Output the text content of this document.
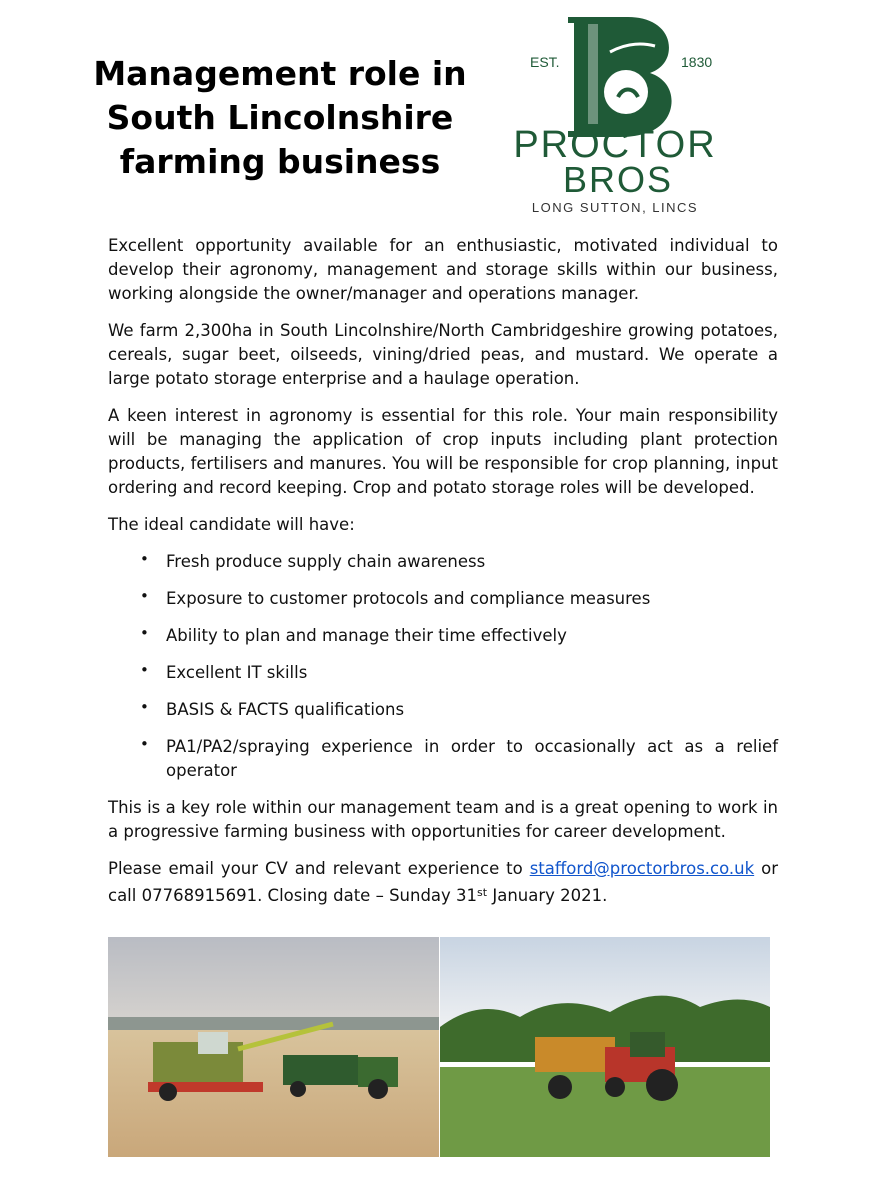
Management role in
South Lincolnshire
farming business
EST.	1830
PROCTOR
BROS
LONG SUTTON, LINCS

Excellent opportunity available for an enthusiastic, motivated individual to develop their agronomy, management and storage skills within our business, working alongside the owner/manager and operations manager.

We farm 2,300ha in South Lincolnshire/North Cambridgeshire growing potatoes, cereals, sugar beet, oilseeds, vining/dried peas, and mustard. We operate a large potato storage enterprise and a haulage operation.

A keen interest in agronomy is essential for this role. Your main responsibility will be managing the application of crop inputs including plant protection products, fertilisers and manures. You will be responsible for crop planning, input ordering and record keeping. Crop and potato storage roles will be developed.

The ideal candidate will have:

• Fresh produce supply chain awareness
• Exposure to customer protocols and compliance measures
• Ability to plan and manage their time effectively
• Excellent IT skills
• BASIS & FACTS qualifications
• PA1/PA2/spraying experience in order to occasionally act as a relief operator

This is a key role within our management team and is a great opening to work in a progressive farming business with opportunities for career development.

Please email your CV and relevant experience to stafford@proctorbros.co.uk or call 07768915691. Closing date – Sunday 31st January 2021.
